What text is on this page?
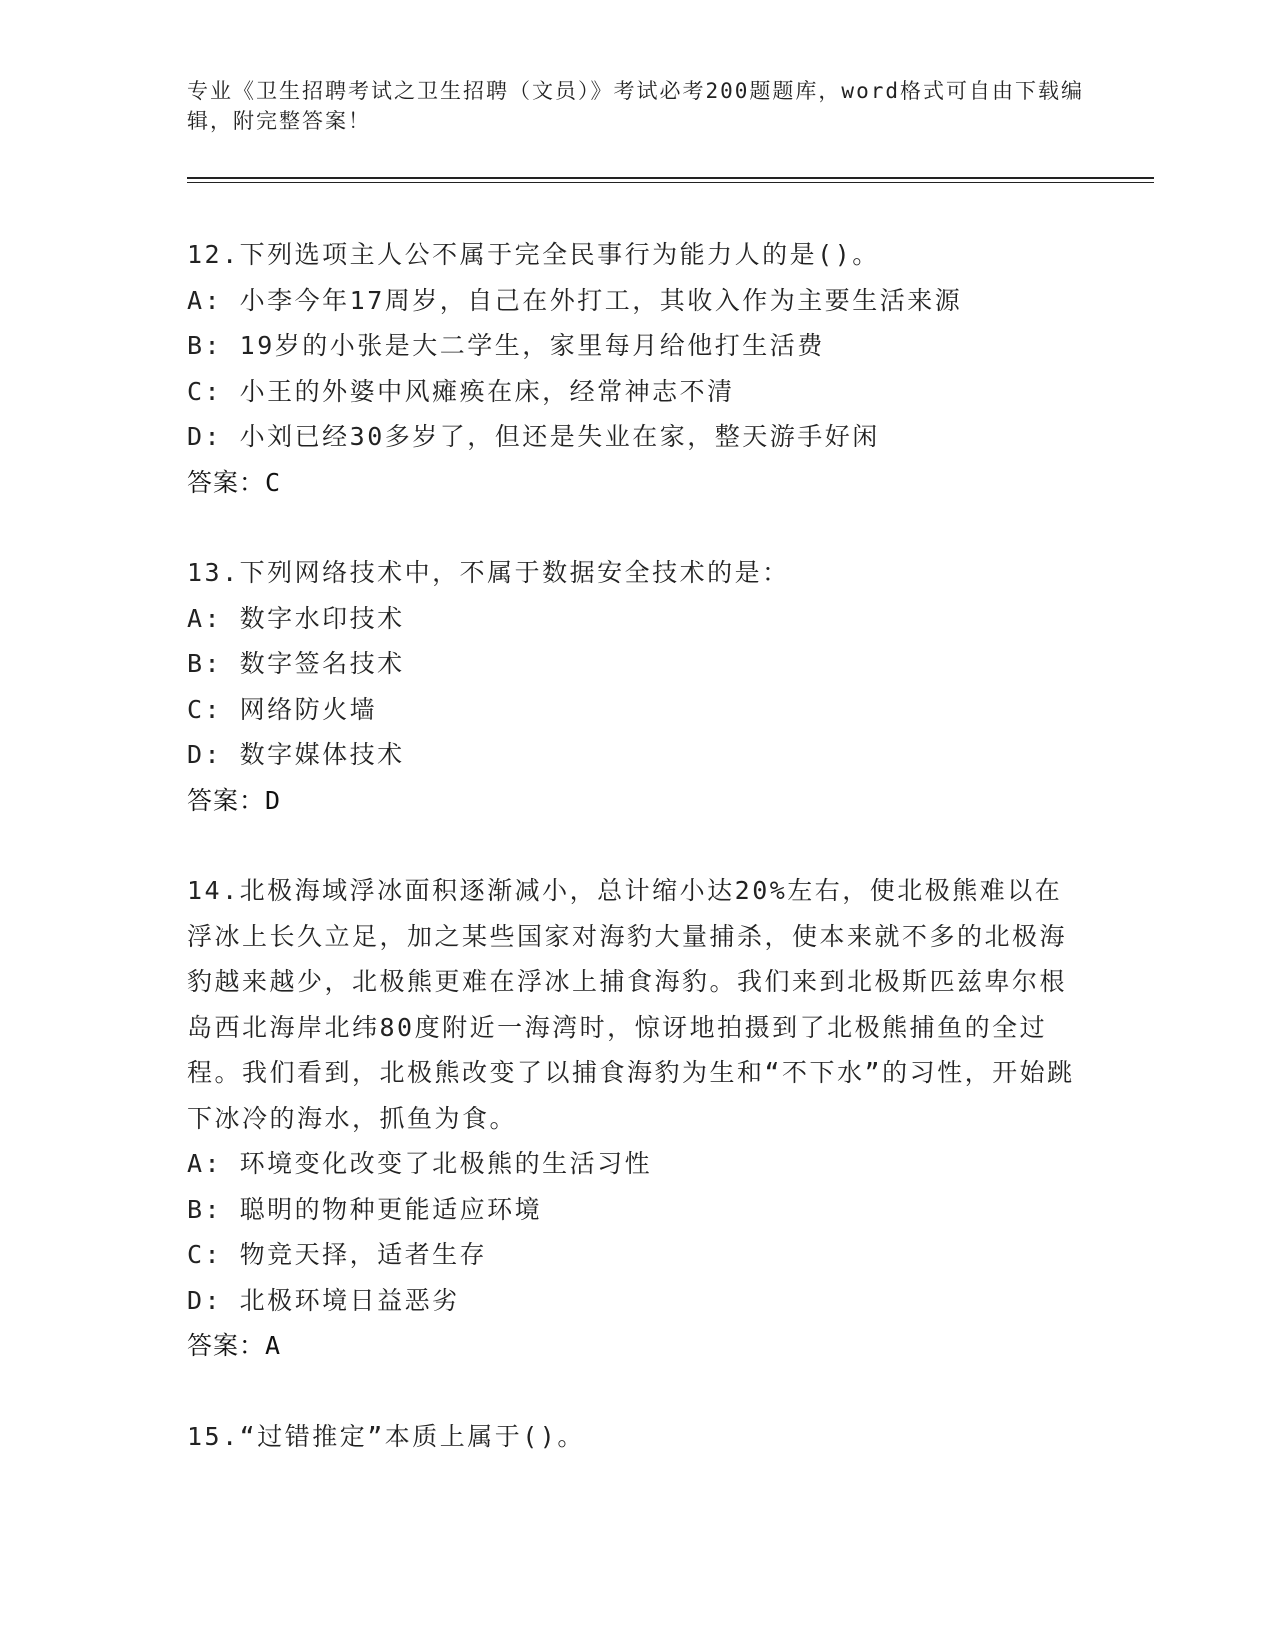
专业《卫生招聘考试之卫生招聘（文员）》考试必考200题题库，word格式可自由下载编辑，附完整答案！

12.下列选项主人公不属于完全民事行为能力人的是()。

A: 小李今年17周岁，自己在外打工，其收入作为主要生活来源

B: 19岁的小张是大二学生，家里每月给他打生活费

C: 小王的外婆中风瘫痪在床，经常神志不清

D: 小刘已经30多岁了，但还是失业在家，整天游手好闲

答案：C

13.下列网络技术中，不属于数据安全技术的是：

A: 数字水印技术

B: 数字签名技术

C: 网络防火墙

D: 数字媒体技术

答案：D

14.北极海域浮冰面积逐渐减小，总计缩小达20%左右，使北极熊难以在浮冰上长久立足，加之某些国家对海豹大量捕杀，使本来就不多的北极海豹越来越少，北极熊更难在浮冰上捕食海豹。我们来到北极斯匹兹卑尔根岛西北海岸北纬80度附近一海湾时，惊讶地拍摄到了北极熊捕鱼的全过程。我们看到，北极熊改变了以捕食海豹为生和“不下水”的习性，开始跳下冰冷的海水，抓鱼为食。

A: 环境变化改变了北极熊的生活习性

B: 聪明的物种更能适应环境

C: 物竞天择，适者生存

D: 北极环境日益恶劣

答案：A

15.“过错推定”本质上属于()。
